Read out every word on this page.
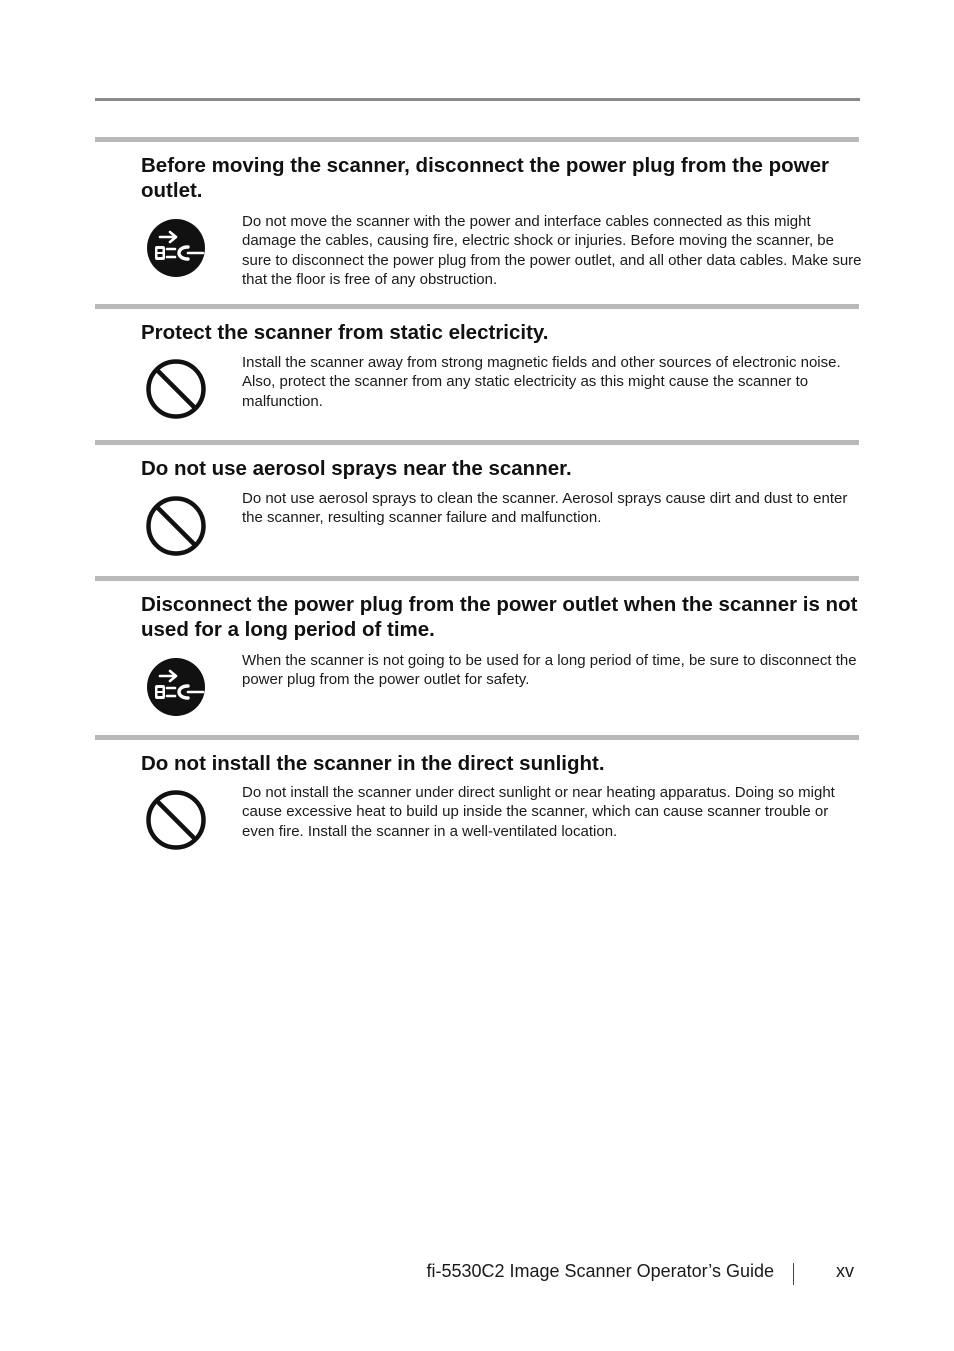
Before moving the scanner, disconnect the power plug from the power outlet.

Do not move the scanner with the power and interface cables connected as this might damage the cables, causing fire, electric shock or injuries. Before moving the scanner, be sure to disconnect the power plug from the power outlet, and all other data cables. Make sure that the floor is free of any obstruction.

Protect the scanner from static electricity.

Install the scanner away from strong magnetic fields and other sources of electronic noise. Also, protect the scanner from any static electricity as this might cause the scanner to malfunction.

Do not use aerosol sprays near the scanner.

Do not use aerosol sprays to clean the scanner. Aerosol sprays cause dirt and dust to enter the scanner, resulting scanner failure and malfunction.

Disconnect the power plug from the power outlet when the scanner is not used for a long period of time.

When the scanner is not going to be used for a long period of time, be sure to disconnect the power plug from the power outlet for safety.

Do not install the scanner in the direct sunlight.

Do not install the scanner under direct sunlight or near heating apparatus. Doing so might cause excessive heat to build up inside the scanner, which can cause scanner trouble or even fire. Install the scanner in a well-ventilated location.

fi-5530C2 Image Scanner Operator’s Guide	xv
